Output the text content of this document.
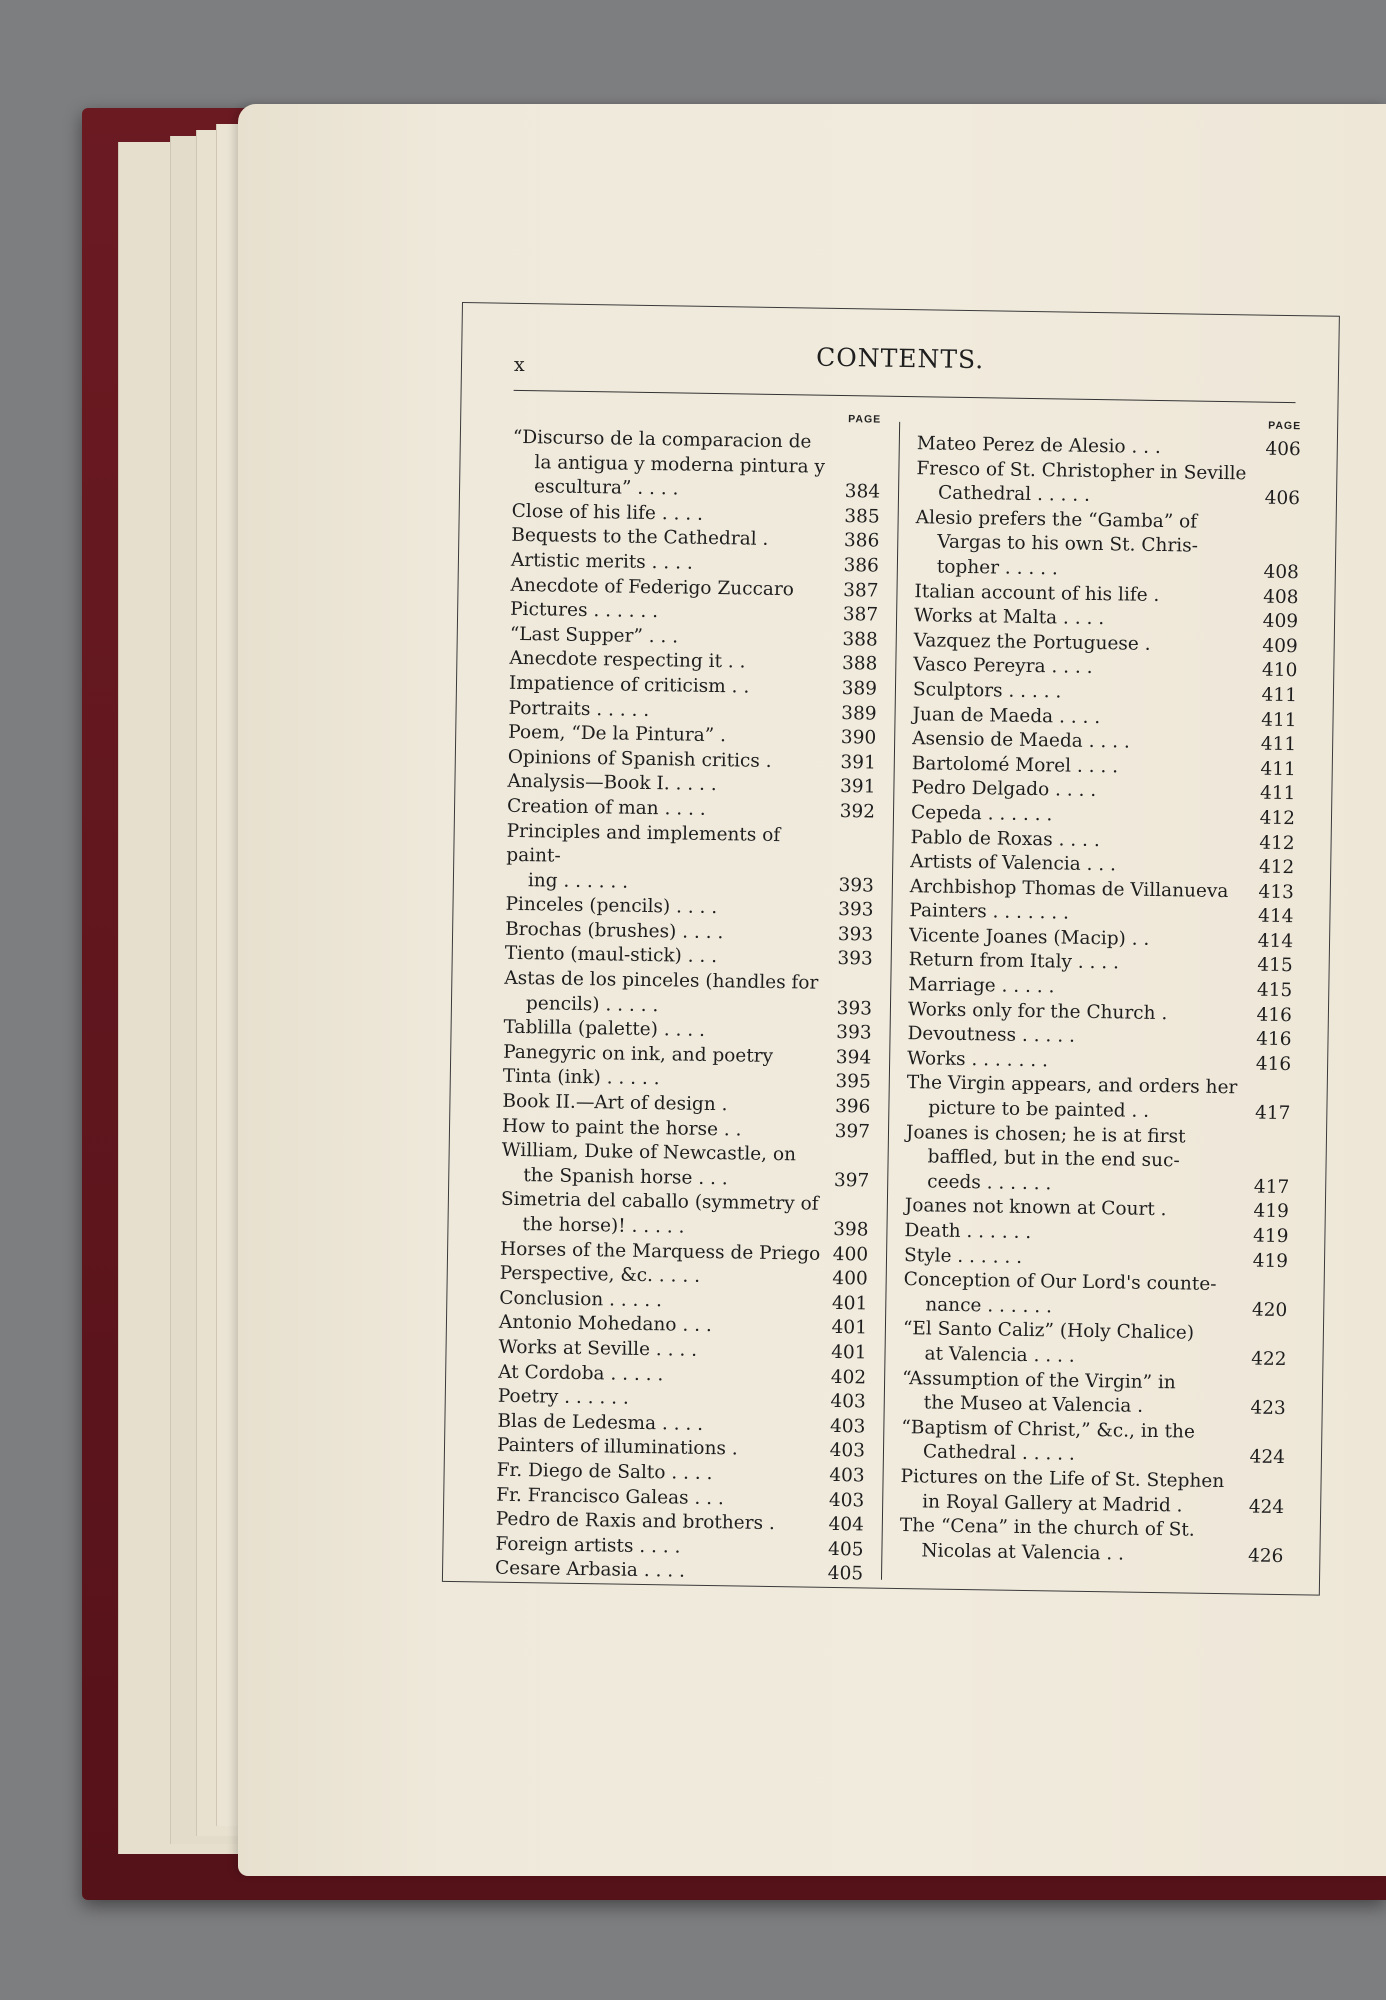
x	CONTENTS.
PAGE
“Discurso de la comparacion de
la antigua y moderna pintura y
escultura” . . . .	384
Close of his life . . . .	385
Bequests to the Cathedral .	386
Artistic merits . . . .	386
Anecdote of Federigo Zuccaro	387
Pictures . . . . . .	387
“Last Supper” . . .	388
Anecdote respecting it . .	388
Impatience of criticism . .	389
Portraits . . . . .	389
Poem, “De la Pintura” .	390
Opinions of Spanish critics .	391
Analysis—Book I. . . . .	391
Creation of man . . . .	392
Principles and implements of paint-
ing . . . . . .	393
Pinceles (pencils) . . . .	393
Brochas (brushes) . . . .	393
Tiento (maul-stick) . . .	393
Astas de los pinceles (handles for
pencils) . . . . .	393
Tablilla (palette) . . . .	393
Panegyric on ink, and poetry	394
Tinta (ink) . . . . .	395
Book II.—Art of design .	396
How to paint the horse . .	397
William, Duke of Newcastle, on
the Spanish horse . . .	397
Simetria del caballo (symmetry of
the horse)! . . . . .	398
Horses of the Marquess de Priego 400
Perspective, &c. . . . .	400
Conclusion . . . . .	401
Antonio Mohedano . . .	401
Works at Seville . . . .	401
At Cordoba . . . . .	402
Poetry . . . . . .	403
Blas de Ledesma . . . .	403
Painters of illuminations .	403
Fr. Diego de Salto . . . .	403
Fr. Francisco Galeas . . .	403
Pedro de Raxis and brothers .	404
Foreign artists . . . .	405
Cesare Arbasia . . . .	405
PAGE
Mateo Perez de Alesio . . .	406
Fresco of St. Christopher in Seville
Cathedral . . . . .	406
Alesio prefers the “Gamba” of
Vargas to his own St. Chris-
topher . . . . .	408
Italian account of his life .	408
Works at Malta . . . .	409
Vazquez the Portuguese .	409
Vasco Pereyra . . . .	410
Sculptors . . . . .	411
Juan de Maeda . . . .	411
Asensio de Maeda . . . .	411
Bartolomé Morel . . . .	411
Pedro Delgado . . . .	411
Cepeda . . . . . .	412
Pablo de Roxas . . . .	412
Artists of Valencia . . .	412
Archbishop Thomas de Villanueva	413
Painters . . . . . . .	414
Vicente Joanes (Macip) . .	414
Return from Italy . . . .	415
Marriage . . . . .	415
Works only for the Church .	416
Devoutness . . . . .	416
Works . . . . . . .	416
The Virgin appears, and orders her
picture to be painted . .	417
Joanes is chosen; he is at first
baffled, but in the end suc-
ceeds . . . . . .	417
Joanes not known at Court .	419
Death . . . . . .	419
Style . . . . . .	419
Conception of Our Lord's counte-
nance . . . . . .	420
“El Santo Caliz” (Holy Chalice)
at Valencia . . . .	422
“Assumption of the Virgin” in
the Museo at Valencia .	423
“Baptism of Christ,” &c., in the
Cathedral . . . . .	424
Pictures on the Life of St. Stephen
in Royal Gallery at Madrid .	424
The “Cena” in the church of St.
Nicolas at Valencia . .	426
